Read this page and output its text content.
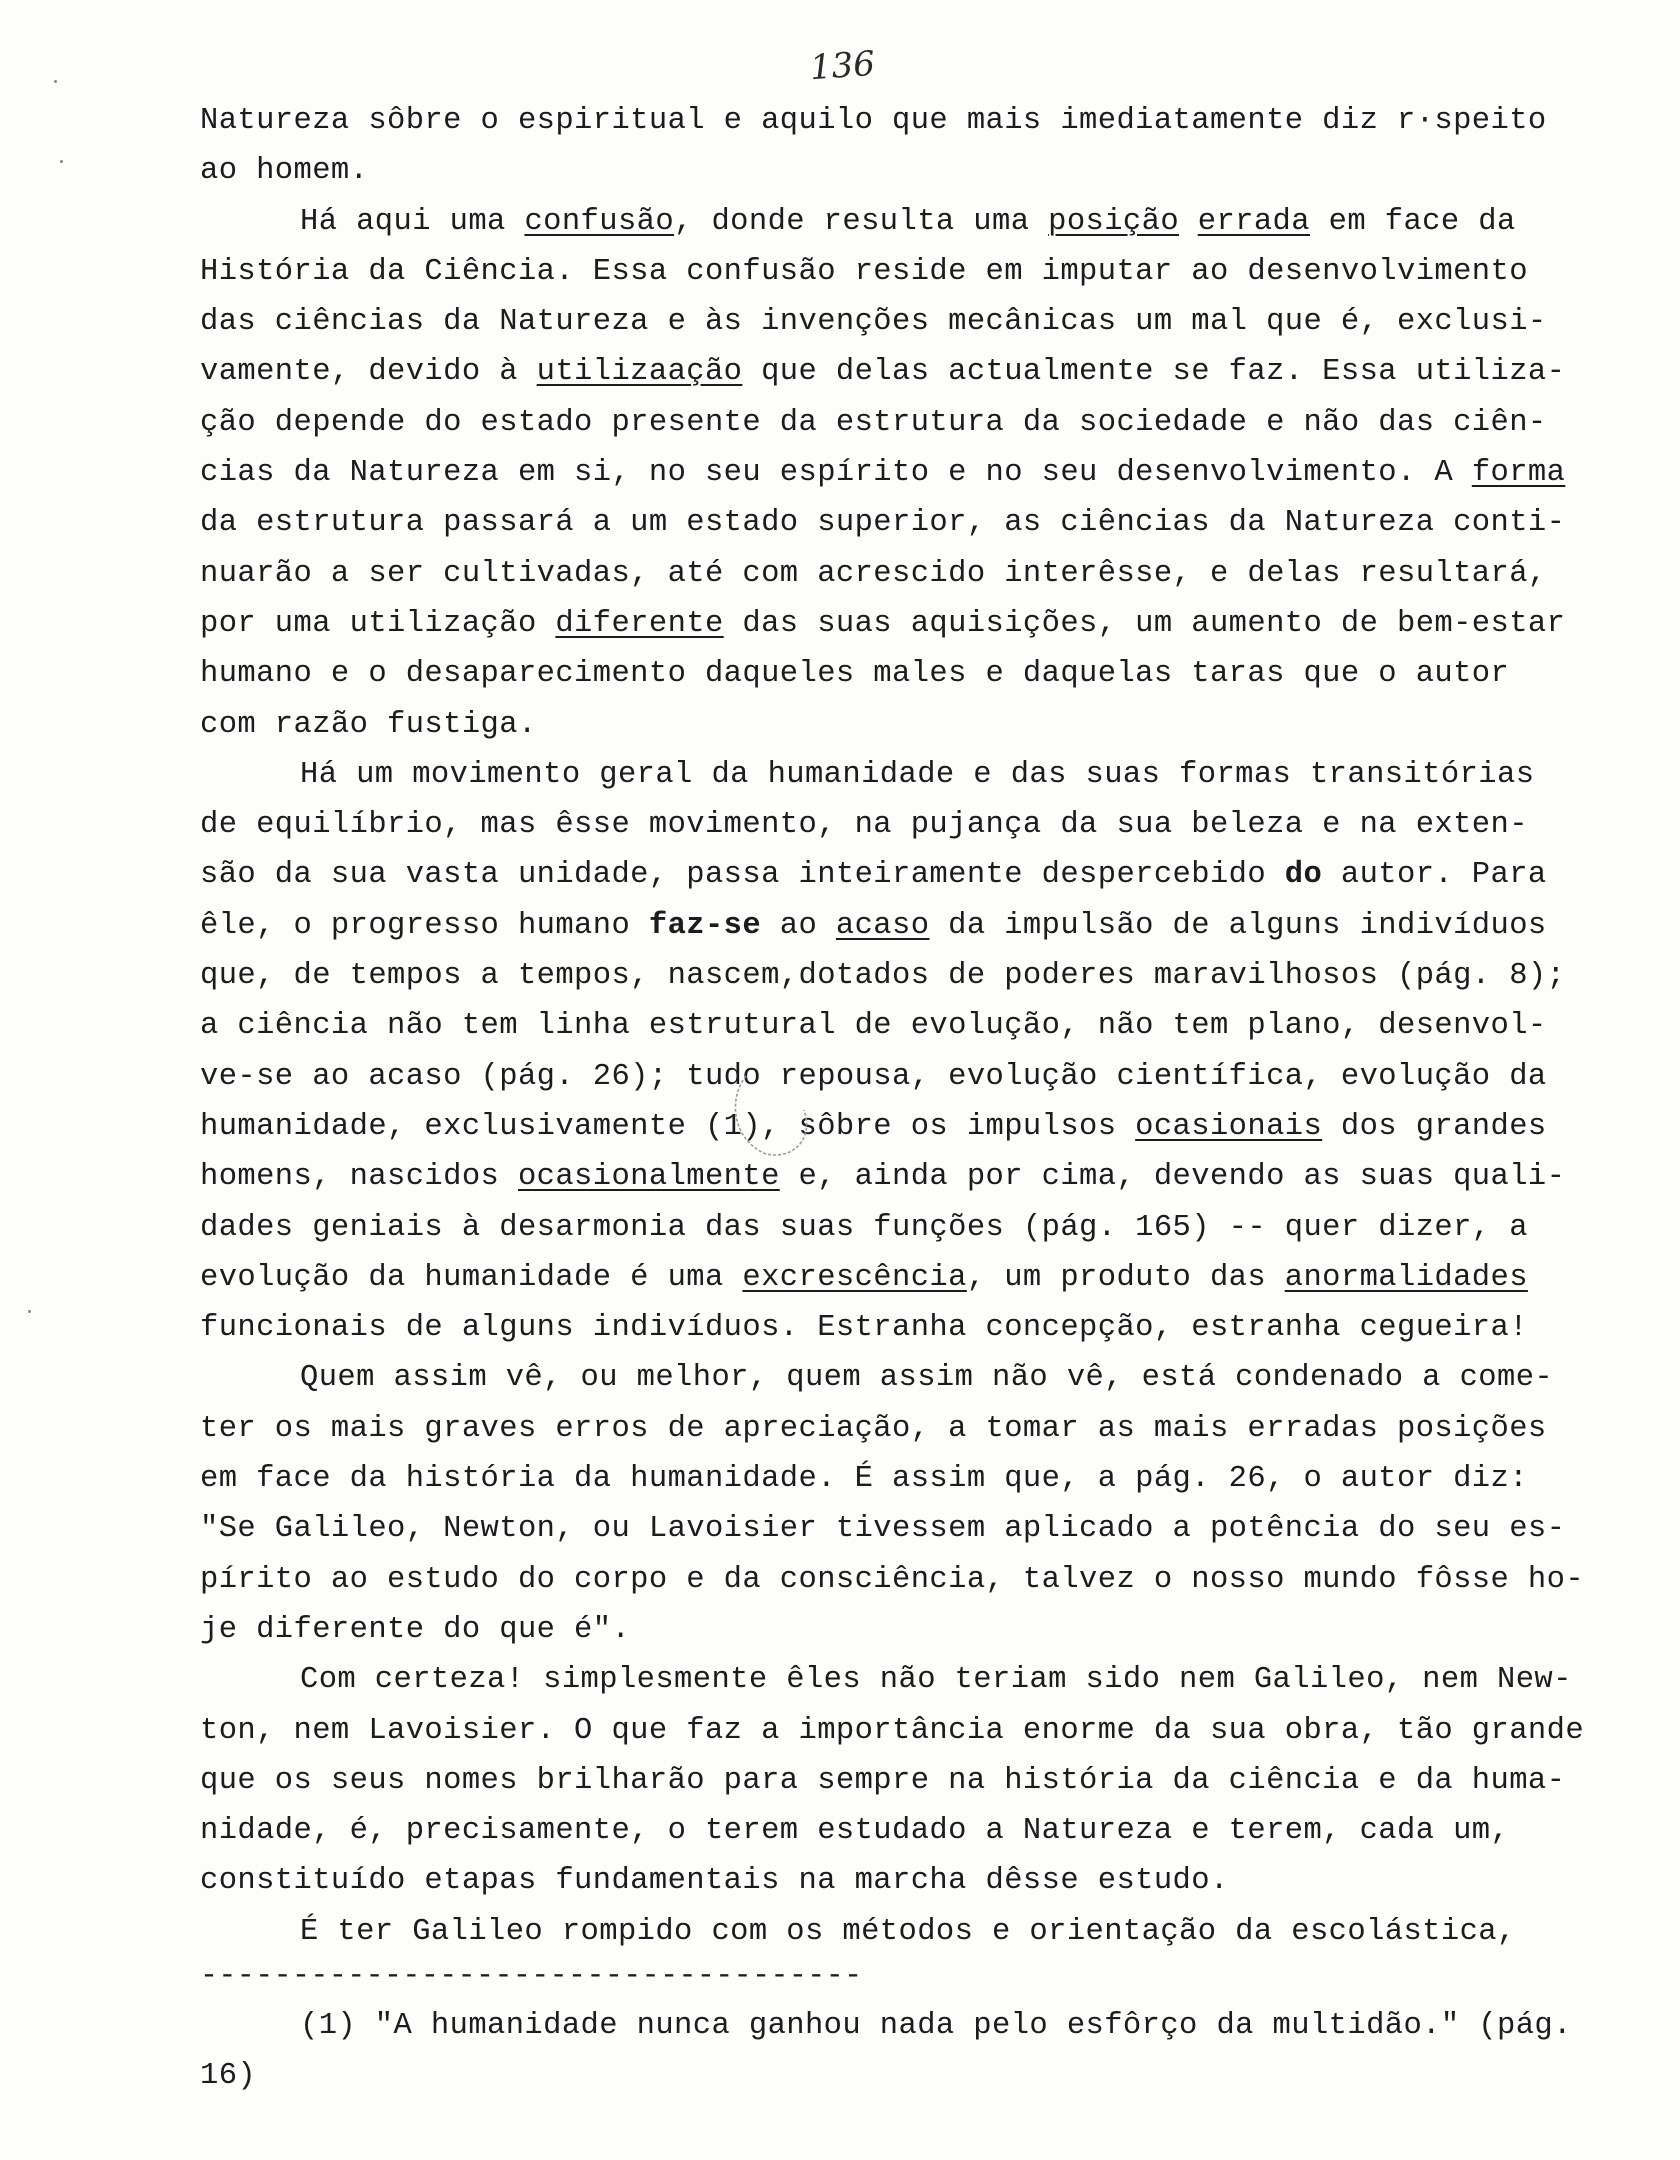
136
Natureza sôbre o espiritual e aquilo que mais imediatamente diz r·speito
ao homem.
Há aqui uma confusão, donde resulta uma posição errada em face da
História da Ciência. Essa confusão reside em imputar ao desenvolvimento
das ciências da Natureza e às invenções mecânicas um mal que é, exclusi-
vamente, devido à utilizaação que delas actualmente se faz. Essa utiliza-
ção depende do estado presente da estrutura da sociedade e não das ciên-
cias da Natureza em si, no seu espírito e no seu desenvolvimento. A forma
da estrutura passará a um estado superior, as ciências da Natureza conti-
nuarão a ser cultivadas, até com acrescido interêsse, e delas resultará,
por uma utilização diferente das suas aquisições, um aumento de bem-estar
humano e o desaparecimento daqueles males e daquelas taras que o autor
com razão fustiga.
Há um movimento geral da humanidade e das suas formas transitórias
de equilíbrio, mas êsse movimento, na pujança da sua beleza e na exten-
são da sua vasta unidade, passa inteiramente despercebido do autor. Para
êle, o progresso humano faz-se ao acaso da impulsão de alguns indivíduos
que, de tempos a tempos, nascem,dotados de poderes maravilhosos (pág. 8);
a ciência não tem linha estrutural de evolução, não tem plano, desenvol-
ve-se ao acaso (pág. 26); tudo repousa, evolução científica, evolução da
humanidade, exclusivamente (1), sôbre os impulsos ocasionais dos grandes
homens, nascidos ocasionalmente e, ainda por cima, devendo as suas quali-
dades geniais à desarmonia das suas funções (pág. 165) -- quer dizer, a
evolução da humanidade é uma excrescência, um produto das anormalidades
funcionais de alguns indivíduos. Estranha concepção, estranha cegueira!
Quem assim vê, ou melhor, quem assim não vê, está condenado a come-
ter os mais graves erros de apreciação, a tomar as mais erradas posições
em face da história da humanidade. É assim que, a pág. 26, o autor diz:
"Se Galileo, Newton, ou Lavoisier tivessem aplicado a potência do seu es-
pírito ao estudo do corpo e da consciência, talvez o nosso mundo fôsse ho-
je diferente do que é".
Com certeza! simplesmente êles não teriam sido nem Galileo, nem New-
ton, nem Lavoisier. O que faz a importância enorme da sua obra, tão grande
que os seus nomes brilharão para sempre na história da ciência e da huma-
nidade, é, precisamente, o terem estudado a Natureza e terem, cada um,
constituído etapas fundamentais na marcha dêsse estudo.
É ter Galileo rompido com os métodos e orientação da escolástica,
------------------------------------
(1) "A humanidade nunca ganhou nada pelo esfôrço da multidão." (pág.
16)
